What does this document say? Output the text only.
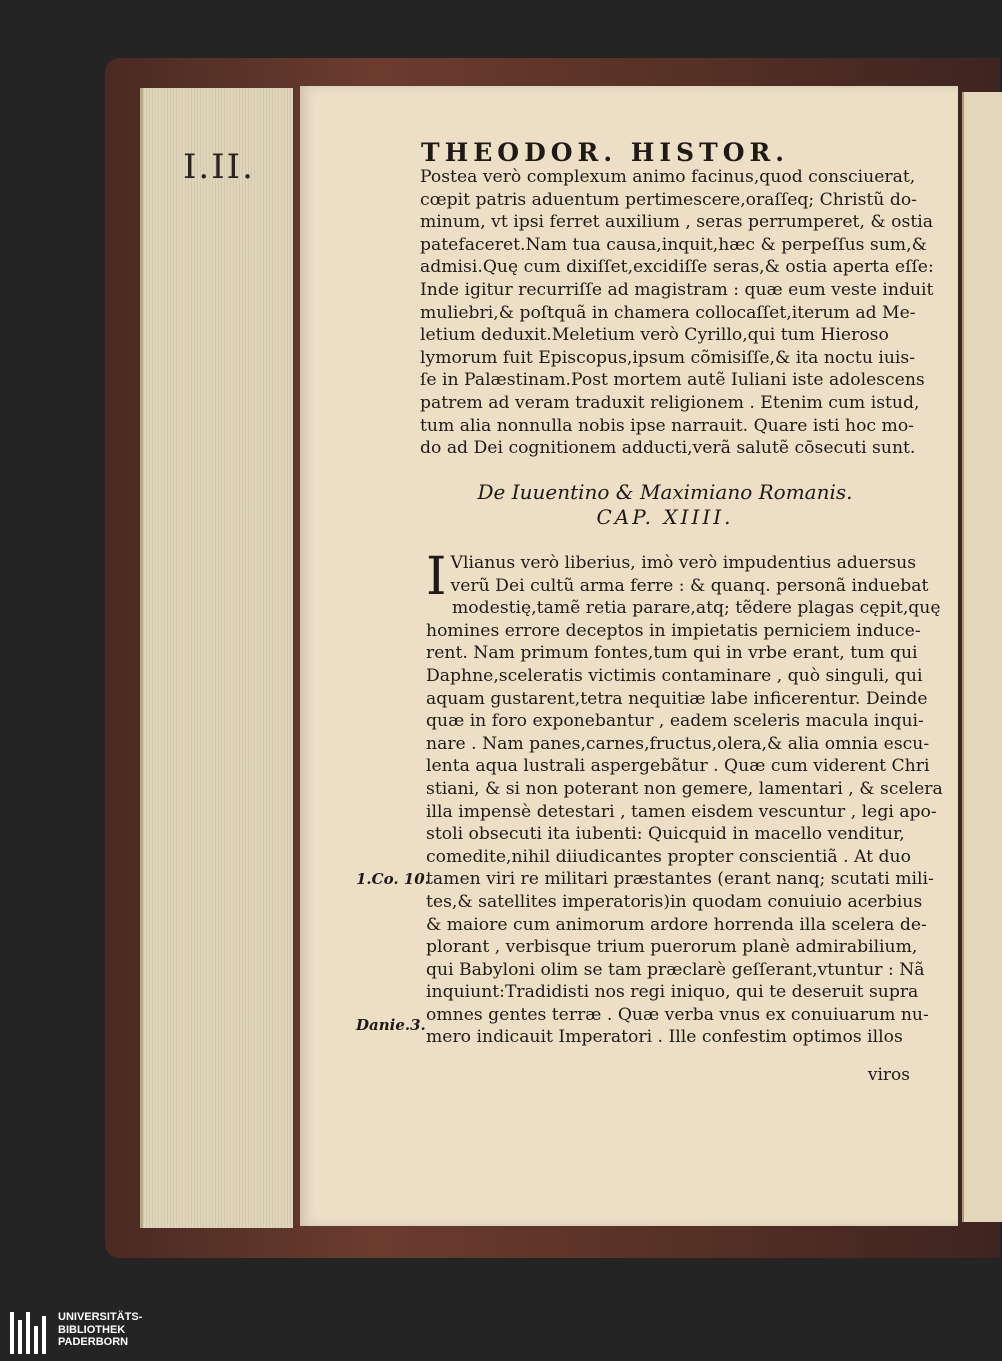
I.II.	THEODOR. HISTOR.
Postea verò complexum animo facinus,quod consciuerat,
cœpit patris aduentum pertimescere,oraſſeq; Christũ do-
minum, vt ipsi ferret auxilium , seras perrumperet, & ostia
patefaceret.Nam tua causa,inquit,hæc & perpeſſus sum,&
admisi.Quę cum dixiſſet,excidiſſe seras,& ostia aperta eſſe:
Inde igitur recurriſſe ad magistram : quæ eum veste induit
muliebri,& poſtquã in chamera collocaſſet,iterum ad Me-
letium deduxit.Meletium verò Cyrillo,qui tum Hieroso
lymorum fuit Episcopus,ipsum cõmisiſſe,& ita noctu iuis-
ſe in Palæstinam.Post mortem autẽ Iuliani iste adolescens
patrem ad veram traduxit religionem . Etenim cum istud,
tum alia nonnulla nobis ipse narrauit. Quare isti hoc mo-
do ad Dei cognitionem adducti,verã salutẽ cōsecuti sunt.
De Iuuentino & Maximiano Romanis.
CAP. XIIII.
I Vlianus verò liberius, imò verò impudentius aduersus
verũ Dei cultũ arma ferre : & quanq. personã induebat
modestię,tamẽ retia parare,atq; tẽdere plagas cępit,quę
homines errore deceptos in impietatis perniciem induce-
rent. Nam primum fontes,tum qui in vrbe erant, tum qui
Daphne,sceleratis victimis contaminare , quò singuli, qui
aquam gustarent,tetra nequitiæ labe inficerentur. Deinde
quæ in foro exponebantur , eadem sceleris macula inqui-
nare . Nam panes,carnes,fructus,olera,& alia omnia escu-
lenta aqua lustrali aspergebãtur . Quæ cum viderent Chri
stiani, & si non poterant non gemere, lamentari , & scelera
illa impensè detestari , tamen eisdem vescuntur , legi apo-
stoli obsecuti ita iubenti: Quicquid in macello venditur,
comedite,nihil diiudicantes propter conscientiã . At duo
tamen viri re militari præstantes (erant nanq; scutati mili-
tes,& satellites imperatoris)in quodam conuiuio acerbius
& maiore cum animorum ardore horrenda illa scelera de-
plorant , verbisque trium puerorum planè admirabilium,
qui Babyloni olim se tam præclarè geſſerant,vtuntur : Nã
inquiunt:Tradidisti nos regi iniquo, qui te deseruit supra
omnes gentes terræ . Quæ verba vnus ex conuiuarum nu-
mero indicauit Imperatori . Ille confestim optimos illos
1.Co. 10.
Danie.3.
viros
UNIVERSITÄTS-
BIBLIOTHEK
PADERBORN
